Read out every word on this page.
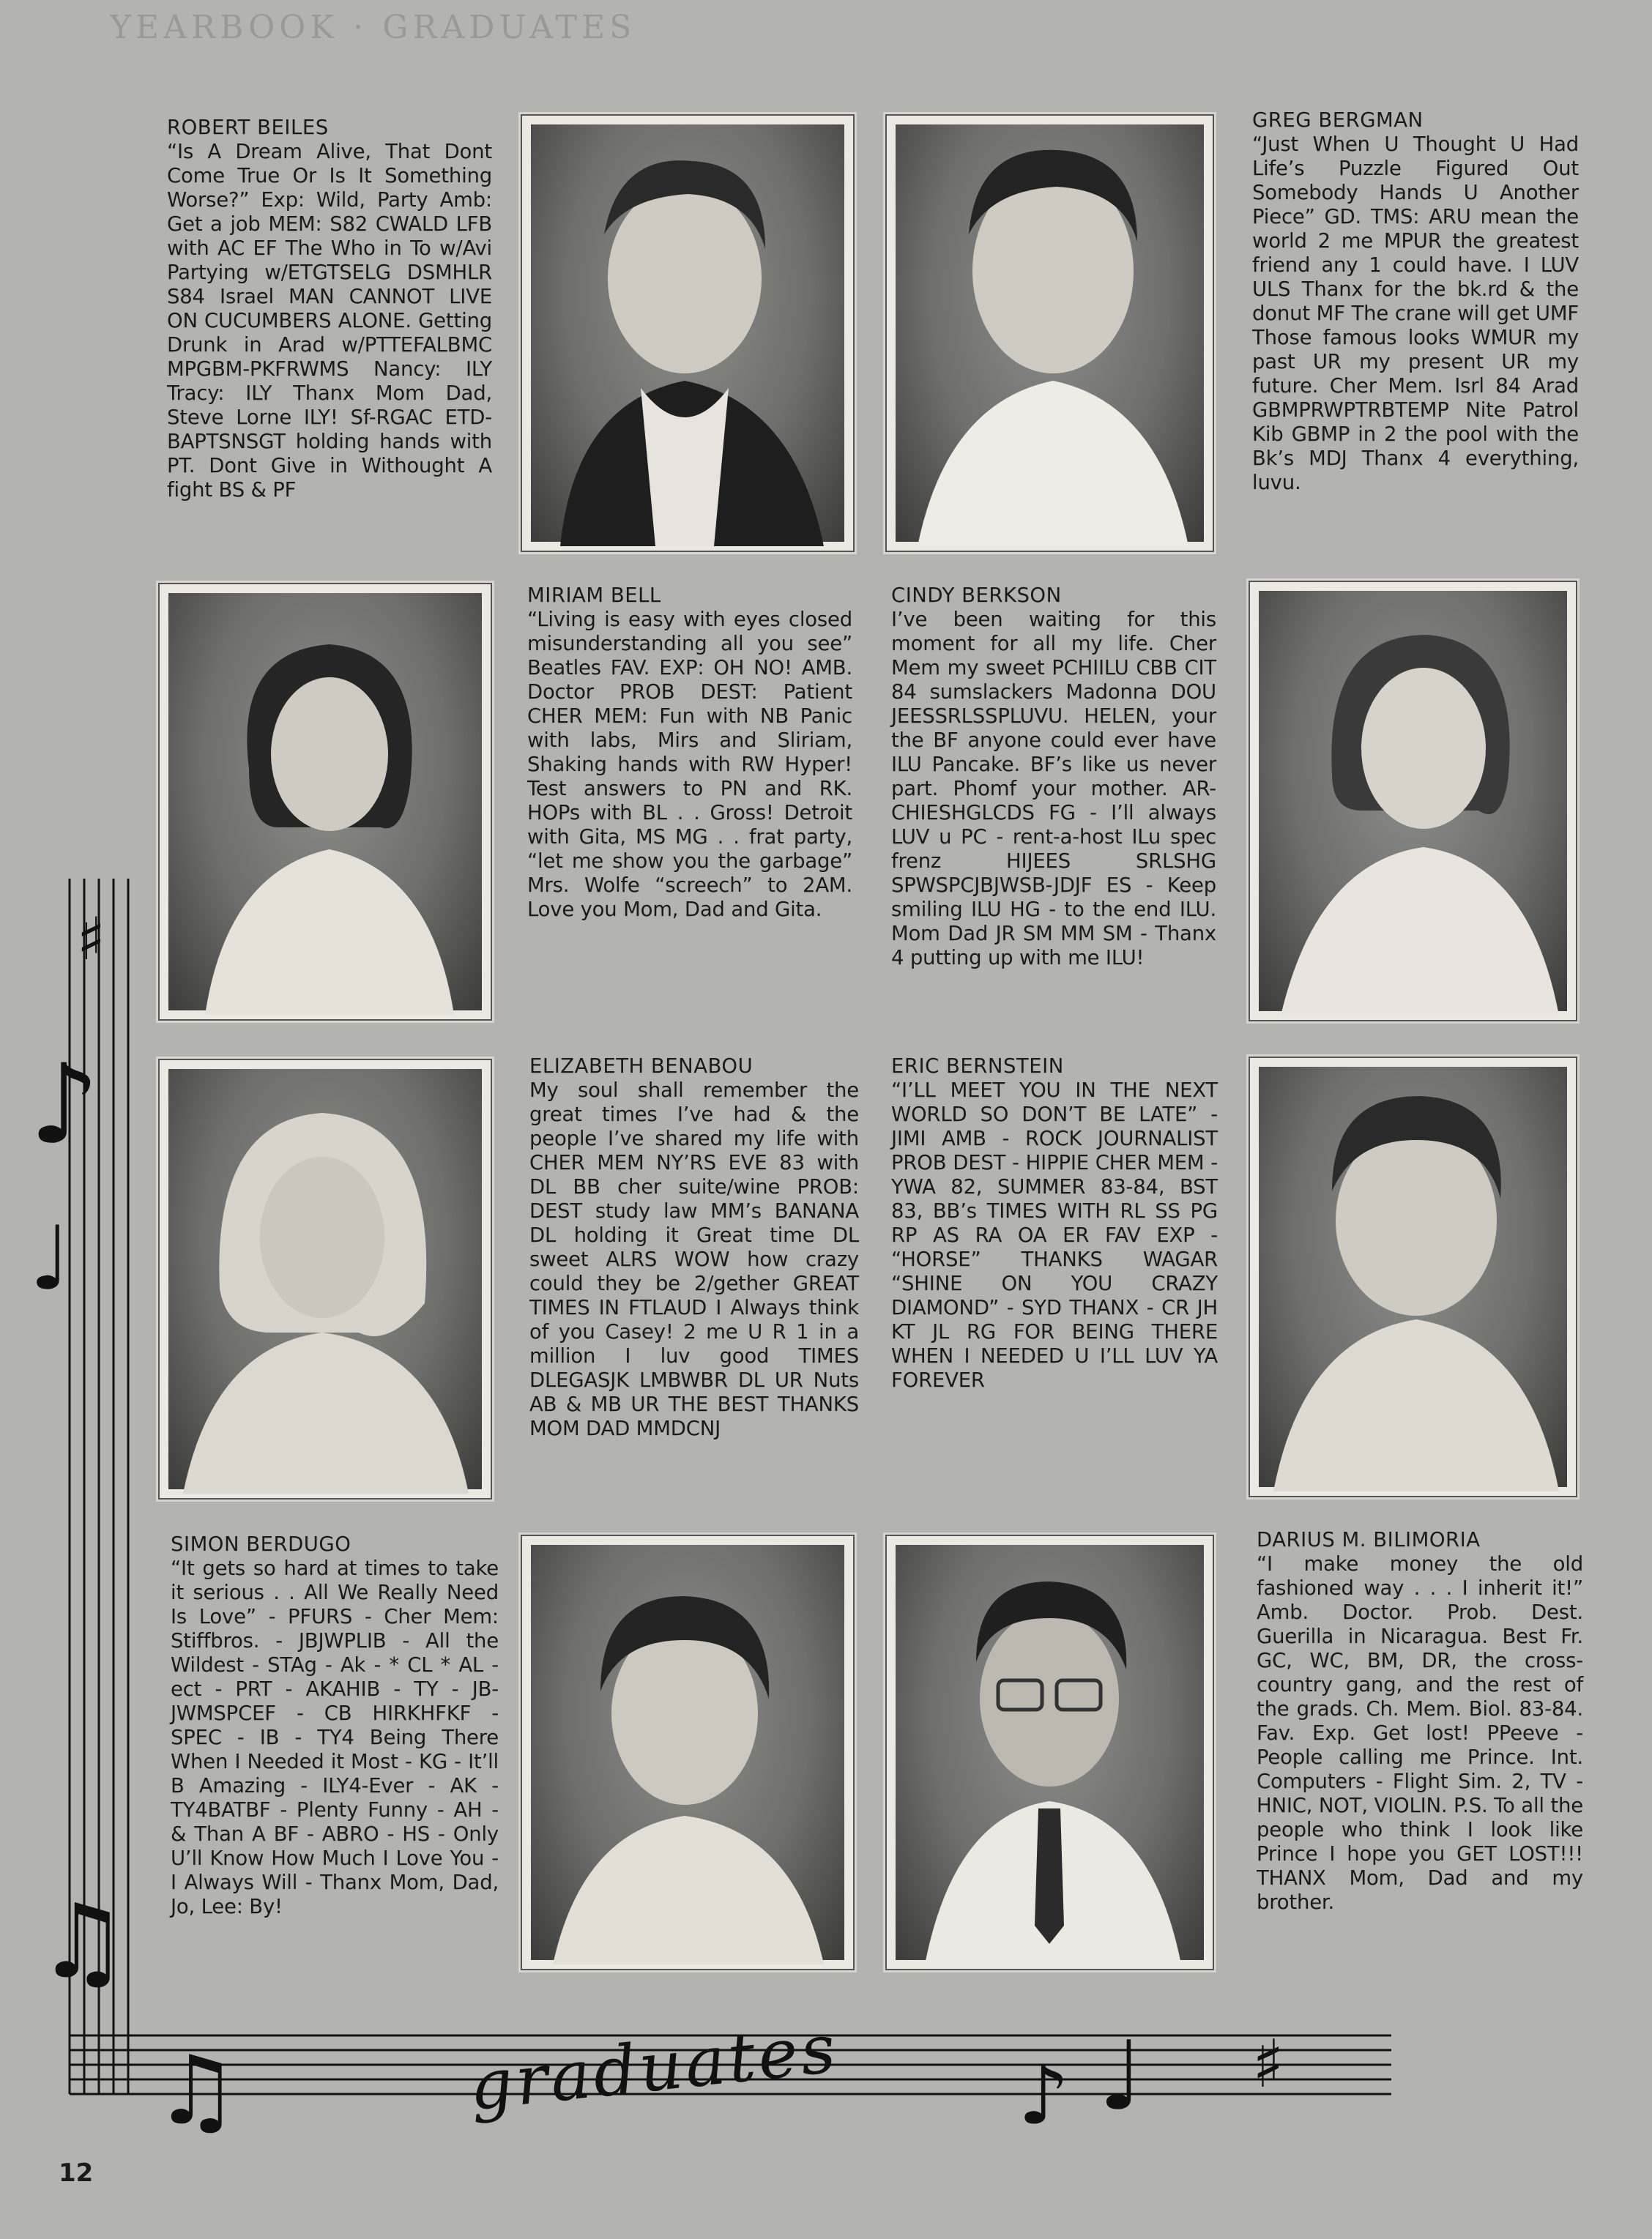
YEARBOOK · GRADUATES
ROBERT BEILES
“Is A Dream Alive, That Dont Come True Or Is It Something Worse?” Exp: Wild, Party Amb: Get a job MEM: S82 CWALD LFB with AC EF The Who in To w/Avi Partying w/ETGTSELG DSMHLR S84 Israel MAN CANNOT LIVE ON CUCUMBERS ALONE. Getting Drunk in Arad w/PTTEFALBMC MPGBM-PKFRWMS Nancy: ILY Tracy: ILY Thanx Mom Dad, Steve Lorne ILY! Sf-RGAC ETD-BAPTSNSGT holding hands with PT. Dont Give in Withought A fight BS & PF
GREG BERGMAN
“Just When U Thought U Had Life’s Puzzle Figured Out Somebody Hands U Another Piece” GD. TMS: ARU mean the world 2 me MPUR the greatest friend any 1 could have. I LUV ULS Thanx for the bk.rd & the donut MF The crane will get UMF Those famous looks WMUR my past UR my present UR my future. Cher Mem. Isrl 84 Arad GBMPRWPTRBTEMP Nite Patrol Kib GBMP in 2 the pool with the Bk’s MDJ Thanx 4 everything, luvu.
MIRIAM BELL
“Living is easy with eyes closed misunderstanding all you see” Beatles FAV. EXP: OH NO! AMB. Doctor PROB DEST: Patient CHER MEM: Fun with NB Panic with labs, Mirs and Sliriam, Shaking hands with RW Hyper! Test answers to PN and RK. HOPs with BL . . Gross! Detroit with Gita, MS MG . . frat party, “let me show you the garbage” Mrs. Wolfe “screech” to 2AM. Love you Mom, Dad and Gita.
CINDY BERKSON
I’ve been waiting for this moment for all my life. Cher Mem my sweet PCHIILU CBB CIT 84 sumslackers Madonna DOU JEESSRLSSPLUVU. HELEN, your the BF anyone could ever have ILU Pancake. BF’s like us never part. Phomf your mother. AR-CHIESHGLCDS FG - I’ll always LUV u PC - rent-a-host ILu spec frenz HIJEES SRLSHG SPWSPCJBJWSB-JDJF ES - Keep smiling ILU HG - to the end ILU. Mom Dad JR SM MM SM - Thanx 4 putting up with me ILU!
ELIZABETH BENABOU
My soul shall remember the great times I’ve had & the people I’ve shared my life with CHER MEM NY’RS EVE 83 with DL BB cher suite/wine PROB: DEST study law MM’s BANANA DL holding it Great time DL sweet ALRS WOW how crazy could they be 2/gether GREAT TIMES IN FTLAUD I Always think of you Casey! 2 me U R 1 in a million I luv good TIMES DLEGASJK LMBWBR DL UR Nuts AB & MB UR THE BEST THANKS MOM DAD MMDCNJ
ERIC BERNSTEIN
“I’LL MEET YOU IN THE NEXT WORLD SO DON’T BE LATE” - JIMI AMB - ROCK JOURNALIST PROB DEST - HIPPIE CHER MEM - YWA 82, SUMMER 83-84, BST 83, BB’s TIMES WITH RL SS PG RP AS RA OA ER FAV EXP - “HORSE” THANKS WAGAR “SHINE ON YOU CRAZY DIAMOND” - SYD THANX - CR JH KT JL RG FOR BEING THERE WHEN I NEEDED U I’LL LUV YA FOREVER
SIMON BERDUGO
“It gets so hard at times to take it serious . . All We Really Need Is Love” - PFURS - Cher Mem: Stiffbros. - JBJWPLIB - All the Wildest - STAg - Ak - * CL * AL - ect - PRT - AKAHIB - TY - JB-JWMSPCEF - CB HIRKHFKF - SPEC - IB - TY4 Being There When I Needed it Most - KG - It’ll B Amazing - ILY4-Ever - AK - TY4BATBF - Plenty Funny - AH - & Than A BF - ABRO - HS - Only U’ll Know How Much I Love You - I Always Will - Thanx Mom, Dad, Jo, Lee: By!
DARIUS M. BILIMORIA
“I make money the old fashioned way . . . I inherit it!” Amb. Doctor. Prob. Dest. Guerilla in Nicaragua. Best Fr. GC, WC, BM, DR, the cross-country gang, and the rest of the grads. Ch. Mem. Biol. 83-84. Fav. Exp. Get lost! PPeeve - People calling me Prince. Int. Computers - Flight Sim. 2, TV - HNIC, NOT, VIOLIN. P.S. To all the people who think I look like Prince I hope you GET LOST!!! THANX Mom, Dad and my brother.
♯
♪
♩
♫
♫	♪ ♩ ♯
graduates
12
